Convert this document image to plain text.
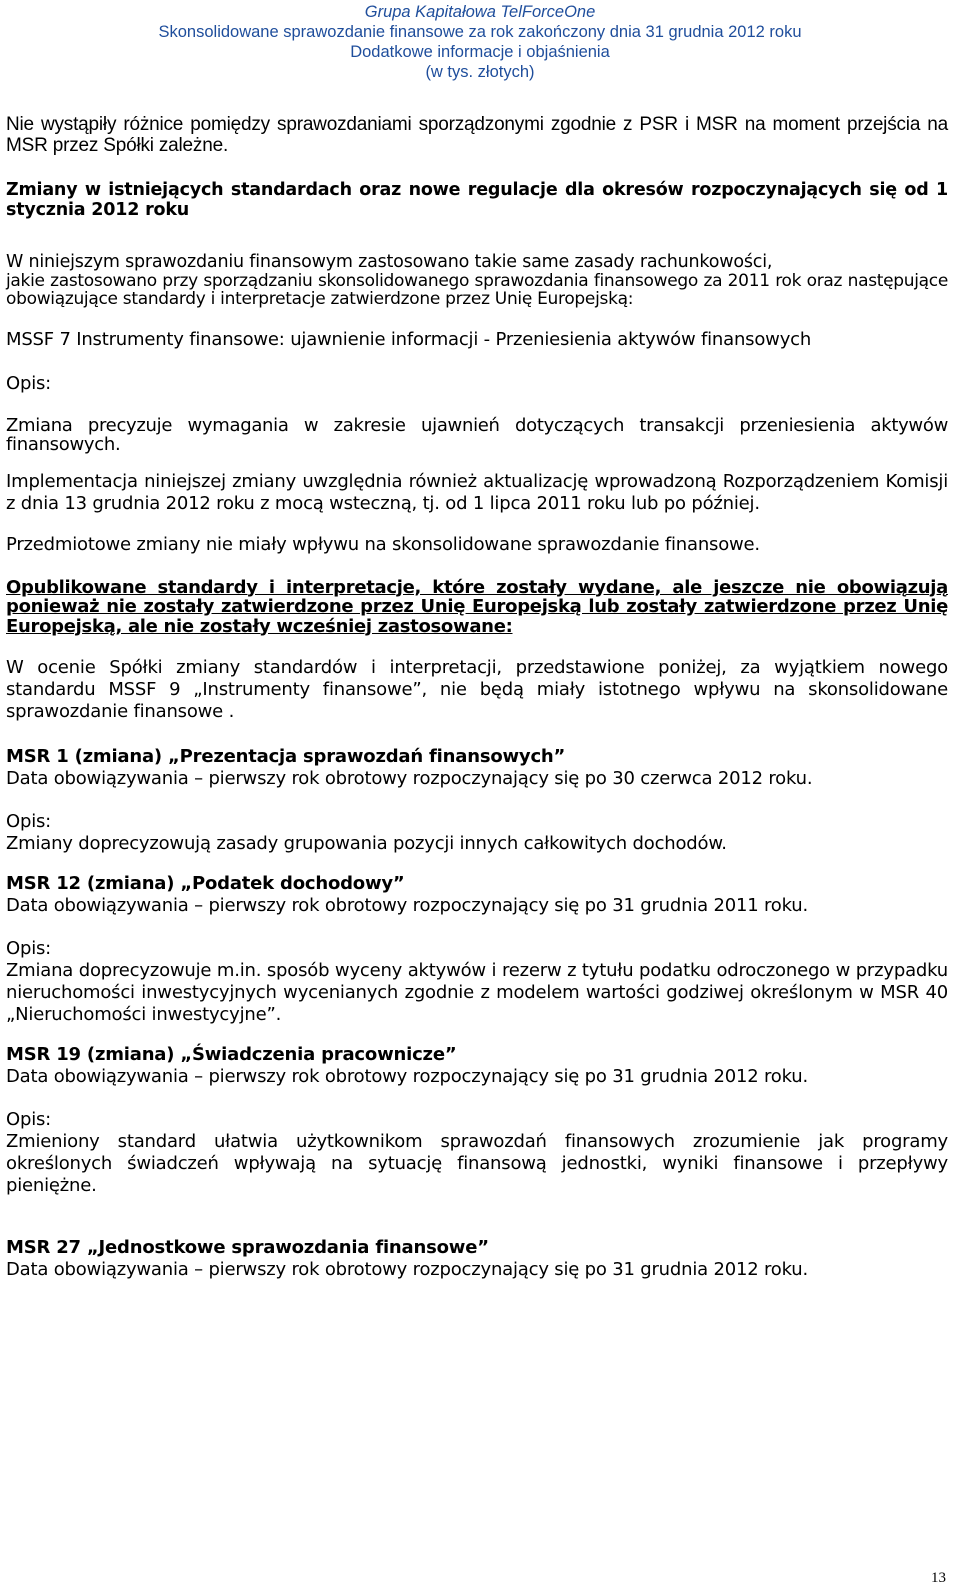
Grupa Kapitałowa TelForceOne
Skonsolidowane sprawozdanie finansowe za rok zakończony dnia 31 grudnia 2012 roku
Dodatkowe informacje i objaśnienia
(w tys. złotych)

Nie wystąpiły różnice pomiędzy sprawozdaniami sporządzonymi zgodnie z PSR i MSR na moment przejścia na MSR przez Spółki zależne.

Zmiany w istniejących standardach oraz nowe regulacje dla okresów rozpoczynających się od 1 stycznia 2012 roku

W niniejszym sprawozdaniu finansowym zastosowano takie same zasady rachunkowości,

jakie zastosowano przy sporządzaniu skonsolidowanego sprawozdania finansowego za 2011 rok oraz następujące obowiązujące standardy i interpretacje zatwierdzone przez Unię Europejską:

MSSF 7 Instrumenty finansowe: ujawnienie informacji - Przeniesienia aktywów finansowych

Opis:

Zmiana precyzuje wymagania w zakresie ujawnień dotyczących transakcji przeniesienia aktywów finansowych.

Implementacja niniejszej zmiany uwzględnia również aktualizację wprowadzoną Rozporządzeniem Komisji z dnia 13 grudnia 2012 roku z mocą wsteczną, tj. od 1 lipca 2011 roku lub po później.

Przedmiotowe zmiany nie miały wpływu na skonsolidowane sprawozdanie finansowe.

Opublikowane standardy i interpretacje, które zostały wydane, ale jeszcze nie obowiązują ponieważ nie zostały zatwierdzone przez Unię Europejską lub zostały zatwierdzone przez Unię Europejską, ale nie zostały wcześniej zastosowane:

W ocenie Spółki zmiany standardów i interpretacji, przedstawione poniżej, za wyjątkiem nowego standardu MSSF 9 „Instrumenty finansowe”, nie będą miały istotnego wpływu na skonsolidowane sprawozdanie finansowe .

MSR 1 (zmiana) „Prezentacja sprawozdań finansowych”

Data obowiązywania – pierwszy rok obrotowy rozpoczynający się po 30 czerwca 2012 roku.

Opis:

Zmiany doprecyzowują zasady grupowania pozycji innych całkowitych dochodów.

MSR 12 (zmiana) „Podatek dochodowy”

Data obowiązywania – pierwszy rok obrotowy rozpoczynający się po 31 grudnia 2011 roku.

Opis:

Zmiana doprecyzowuje m.in. sposób wyceny aktywów i rezerw z tytułu podatku odroczonego w przypadku nieruchomości inwestycyjnych wycenianych zgodnie z modelem wartości godziwej określonym w MSR 40 „Nieruchomości inwestycyjne”.

MSR 19 (zmiana) „Świadczenia pracownicze”

Data obowiązywania – pierwszy rok obrotowy rozpoczynający się po 31 grudnia 2012 roku.

Opis:

Zmieniony standard ułatwia użytkownikom sprawozdań finansowych zrozumienie jak programy określonych świadczeń wpływają na sytuację finansową jednostki, wyniki finansowe i przepływy pieniężne.

MSR 27 „Jednostkowe sprawozdania finansowe”

Data obowiązywania – pierwszy rok obrotowy rozpoczynający się po 31 grudnia 2012 roku.

13
